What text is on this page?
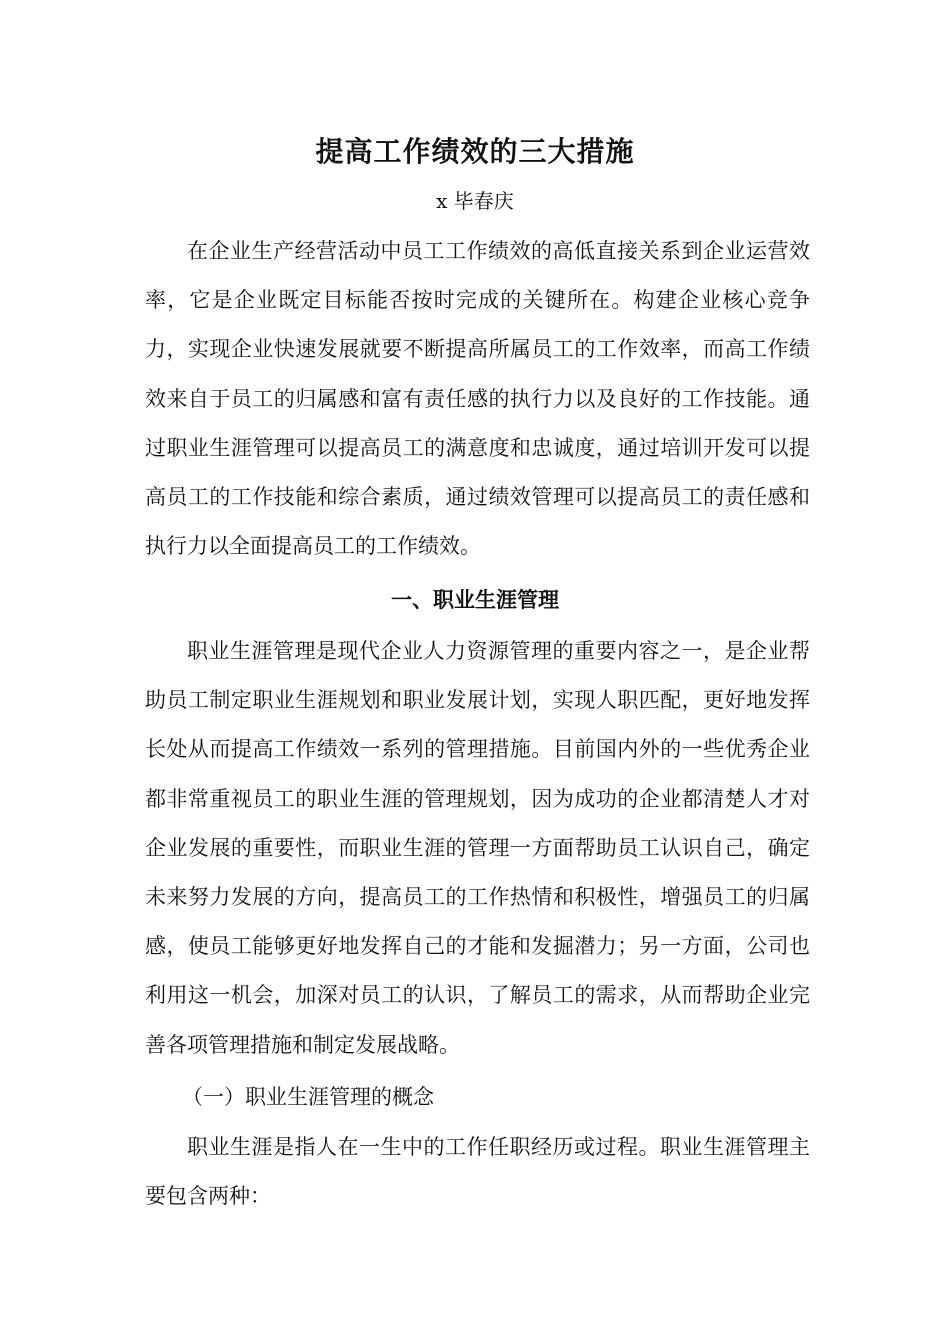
提高工作绩效的三大措施
x 毕春庆
在企业生产经营活动中员工工作绩效的高低直接关系到企业运营效率，它是企业既定目标能否按时完成的关键所在。构建企业核心竞争力，实现企业快速发展就要不断提高所属员工的工作效率，而高工作绩效来自于员工的归属感和富有责任感的执行力以及良好的工作技能。通过职业生涯管理可以提高员工的满意度和忠诚度，通过培训开发可以提高员工的工作技能和综合素质，通过绩效管理可以提高员工的责任感和执行力以全面提高员工的工作绩效。
一、职业生涯管理
职业生涯管理是现代企业人力资源管理的重要内容之一，是企业帮助员工制定职业生涯规划和职业发展计划，实现人职匹配，更好地发挥长处从而提高工作绩效一系列的管理措施。目前国内外的一些优秀企业都非常重视员工的职业生涯的管理规划，因为成功的企业都清楚人才对企业发展的重要性，而职业生涯的管理一方面帮助员工认识自己，确定未来努力发展的方向，提高员工的工作热情和积极性，增强员工的归属感，使员工能够更好地发挥自己的才能和发掘潜力；另一方面，公司也利用这一机会，加深对员工的认识，了解员工的需求，从而帮助企业完善各项管理措施和制定发展战略。
（一）职业生涯管理的概念
职业生涯是指人在一生中的工作任职经历或过程。职业生涯管理主要包含两种：
